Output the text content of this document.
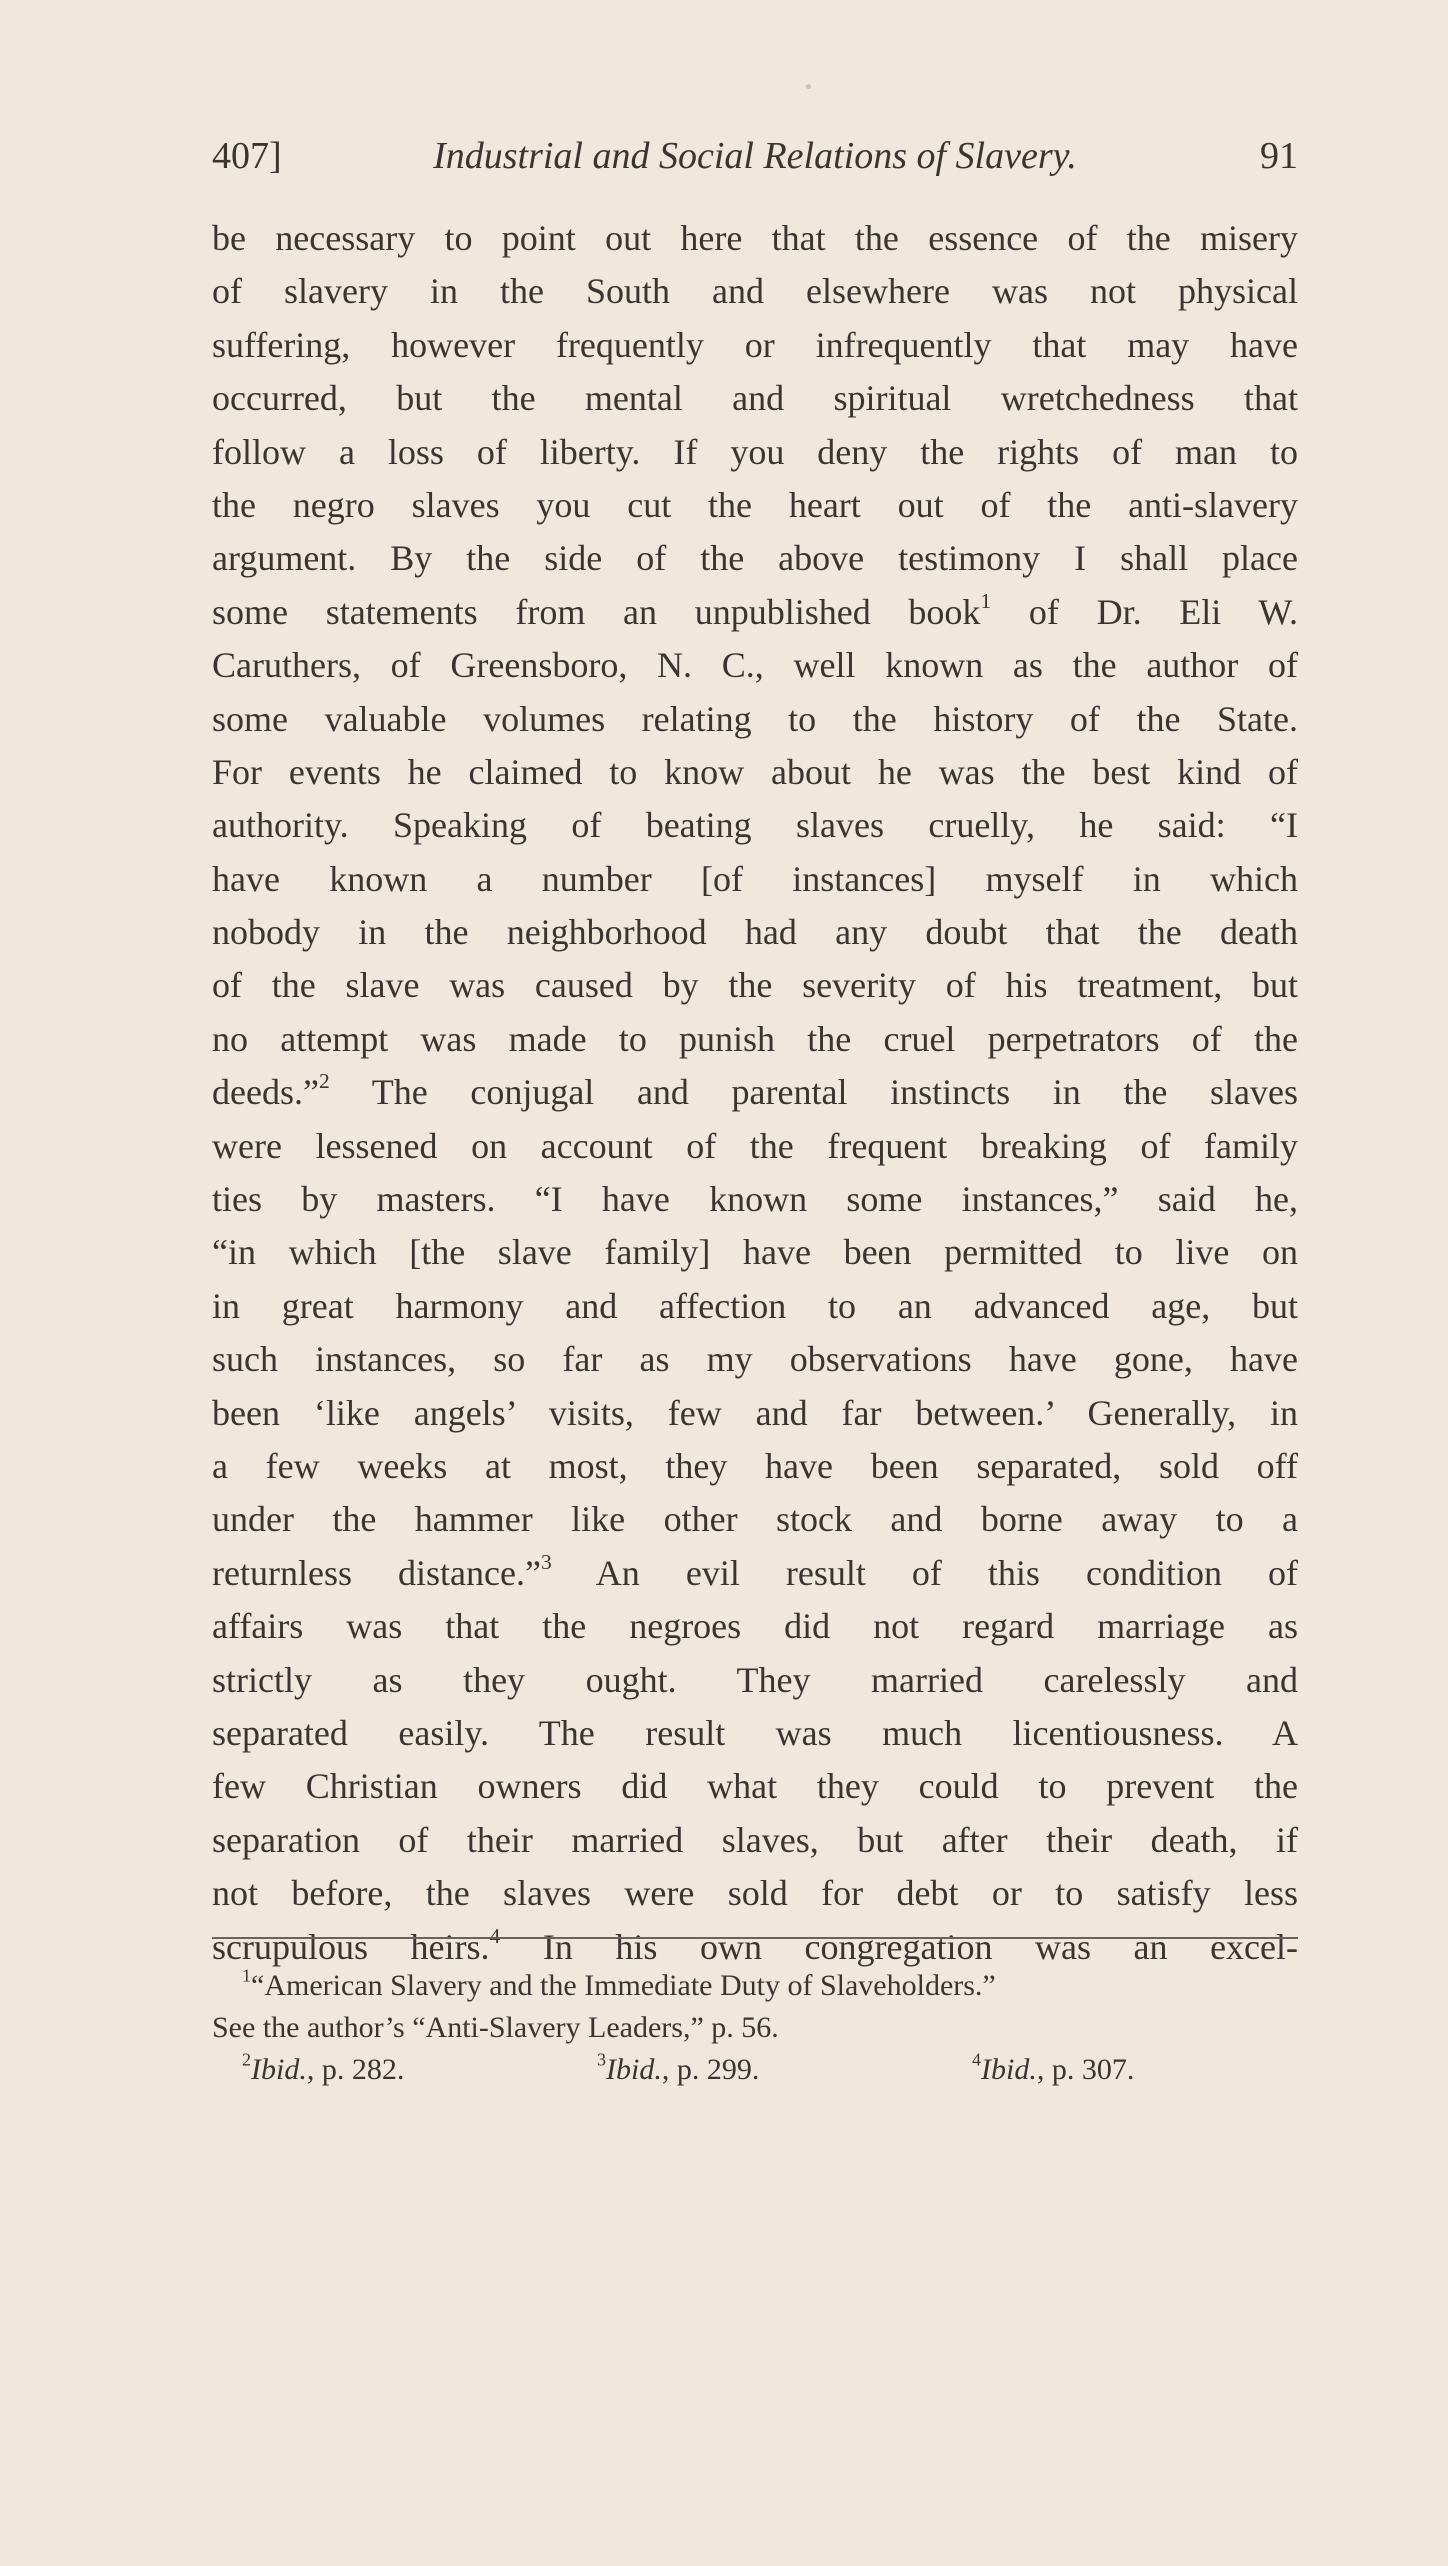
407]	Industrial and Social Relations of Slavery.	91
be necessary to point out here that the essence of the misery
of slavery in the South and elsewhere was not physical
suffering, however frequently or infrequently that may have
occurred, but the mental and spiritual wretchedness that
follow a loss of liberty. If you deny the rights of man to
the negro slaves you cut the heart out of the anti-slavery
argument. By the side of the above testimony I shall place
some statements from an unpublished book$^1$ of Dr. Eli W.
Caruthers, of Greensboro, N. C., well known as the author of
some valuable volumes relating to the history of the State.
For events he claimed to know about he was the best kind of
authority. Speaking of beating slaves cruelly, he said: “I
have known a number [of instances] myself in which
nobody in the neighborhood had any doubt that the death
of the slave was caused by the severity of his treatment, but
no attempt was made to punish the cruel perpetrators of the
deeds.”$^2$ The conjugal and parental instincts in the slaves
were lessened on account of the frequent breaking of family
ties by masters. “I have known some instances,” said he,
“in which [the slave family] have been permitted to live on
in great harmony and affection to an advanced age, but
such instances, so far as my observations have gone, have
been ‘like angels’ visits, few and far between.’ Generally, in
a few weeks at most, they have been separated, sold off
under the hammer like other stock and borne away to a
returnless distance.”$^3$ An evil result of this condition of
affairs was that the negroes did not regard marriage as
strictly as they ought. They married carelessly and
separated easily. The result was much licentiousness. A
few Christian owners did what they could to prevent the
separation of their married slaves, but after their death, if
not before, the slaves were sold for debt or to satisfy less
scrupulous heirs.$^4$ In his own congregation was an excel-
$^1$“American Slavery and the Immediate Duty of Slaveholders.”
See the author’s “Anti-Slavery Leaders,” p. 56.
$^2$Ibid., p. 282.	$^3$Ibid., p. 299.	$^4$Ibid., p. 307.
